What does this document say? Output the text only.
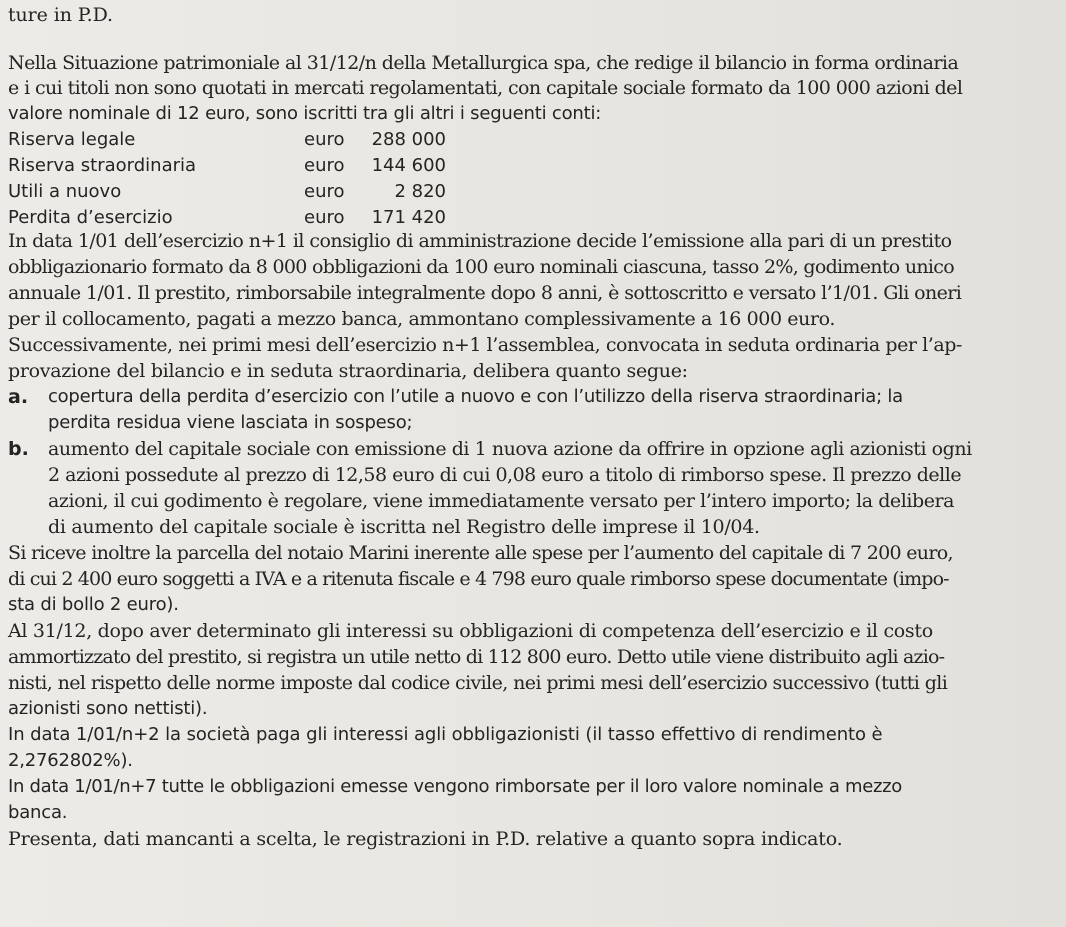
ture in P.D.
Nella Situazione patrimoniale al 31/12/n della Metallurgica spa, che redige il bilancio in forma ordinaria
e i cui titoli non sono quotati in mercati regolamentati, con capitale sociale formato da 100 000 azioni del
valore nominale di 12 euro, sono iscritti tra gli altri i seguenti conti:
Riserva legale	euro	288 000
Riserva straordinaria	euro	144 600
Utili a nuovo	euro	2 820
Perdita d’esercizio	euro	171 420
In data 1/01 dell’esercizio n+1 il consiglio di amministrazione decide l’emissione alla pari di un prestito
obbligazionario formato da 8 000 obbligazioni da 100 euro nominali ciascuna, tasso 2%, godimento unico
annuale 1/01. Il prestito, rimborsabile integralmente dopo 8 anni, è sottoscritto e versato l’1/01. Gli oneri
per il collocamento, pagati a mezzo banca, ammontano complessivamente a 16 000 euro.
Successivamente, nei primi mesi dell’esercizio n+1 l’assemblea, convocata in seduta ordinaria per l’ap-
provazione del bilancio e in seduta straordinaria, delibera quanto segue:
a. copertura della perdita d’esercizio con l’utile a nuovo e con l’utilizzo della riserva straordinaria; la
perdita residua viene lasciata in sospeso;
b. aumento del capitale sociale con emissione di 1 nuova azione da offrire in opzione agli azionisti ogni
2 azioni possedute al prezzo di 12,58 euro di cui 0,08 euro a titolo di rimborso spese. Il prezzo delle
azioni, il cui godimento è regolare, viene immediatamente versato per l’intero importo; la delibera
di aumento del capitale sociale è iscritta nel Registro delle imprese il 10/04.
Si riceve inoltre la parcella del notaio Marini inerente alle spese per l’aumento del capitale di 7 200 euro,
di cui 2 400 euro soggetti a IVA e a ritenuta fiscale e 4 798 euro quale rimborso spese documentate (impo-
sta di bollo 2 euro).
Al 31/12, dopo aver determinato gli interessi su obbligazioni di competenza dell’esercizio e il costo
ammortizzato del prestito, si registra un utile netto di 112 800 euro. Detto utile viene distribuito agli azio-
nisti, nel rispetto delle norme imposte dal codice civile, nei primi mesi dell’esercizio successivo (tutti gli
azionisti sono nettisti).
In data 1/01/n+2 la società paga gli interessi agli obbligazionisti (il tasso effettivo di rendimento è
2,2762802%).
In data 1/01/n+7 tutte le obbligazioni emesse vengono rimborsate per il loro valore nominale a mezzo
banca.
Presenta, dati mancanti a scelta, le registrazioni in P.D. relative a quanto sopra indicato.
